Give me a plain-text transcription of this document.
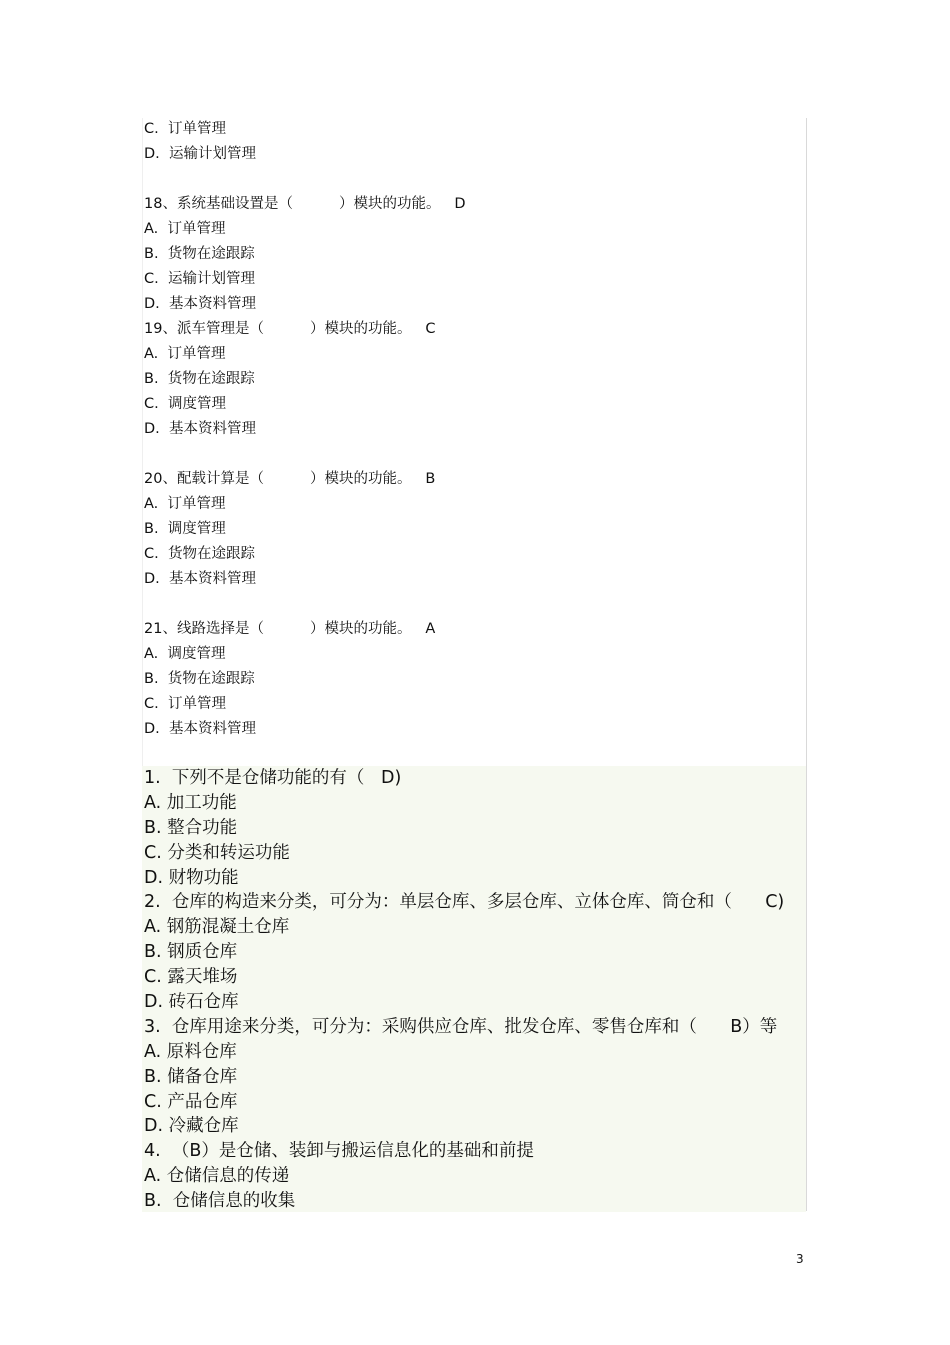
C.  订单管理
D.  运输计划管理
18、系统基础设置是（          ）模块的功能。   D
A.  订单管理
B.  货物在途跟踪
C.  运输计划管理
D.  基本资料管理
19、派车管理是（          ）模块的功能。   C
A.  订单管理
B.  货物在途跟踪
C.  调度管理
D.  基本资料管理
20、配载计算是（          ）模块的功能。   B
A.  订单管理
B.  调度管理
C.  货物在途跟踪
D.  基本资料管理
21、线路选择是（          ）模块的功能。   A
A.  调度管理
B.  货物在途跟踪
C.  订单管理
D.  基本资料管理
1.  下列不是仓储功能的有（   D)
A. 加工功能
B. 整合功能
C. 分类和转运功能
D. 财物功能
2.  仓库的构造来分类，可分为：单层仓库、多层仓库、立体仓库、筒仓和（      C)
A. 钢筋混凝土仓库
B. 钢质仓库
C. 露天堆场
D. 砖石仓库
3.  仓库用途来分类，可分为：采购供应仓库、批发仓库、零售仓库和（      B）等
A. 原料仓库
B. 储备仓库
C. 产品仓库
D. 冷藏仓库
4.  （B）是仓储、装卸与搬运信息化的基础和前提
A. 仓储信息的传递
B.  仓储信息的收集
3
